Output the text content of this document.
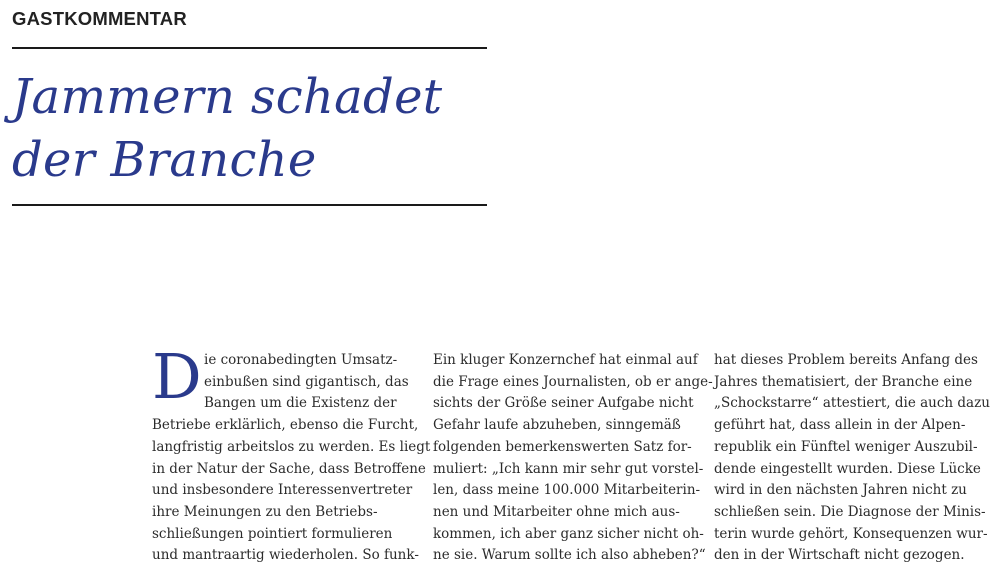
GASTKOMMENTAR
Jammern schadet
der Branche
D ie coronabedingten Umsatz-
einbußen sind gigantisch, das
Bangen um die Existenz der
Betriebe erklärlich, ebenso die Furcht,
langfristig arbeitslos zu werden. Es liegt
in der Natur der Sache, dass Betroffene
und insbesondere Interessenvertreter
ihre Meinungen zu den Betriebs-
schließungen pointiert formulieren
und mantraartig wiederholen. So funk-
Ein kluger Konzernchef hat einmal auf
die Frage eines Journalisten, ob er ange-
sichts der Größe seiner Aufgabe nicht
Gefahr laufe abzuheben, sinngemäß
folgenden bemerkenswerten Satz for-
muliert: „Ich kann mir sehr gut vorstel-
len, dass meine 100.000 Mitarbeiterin-
nen und Mitarbeiter ohne mich aus-
kommen, ich aber ganz sicher nicht oh-
ne sie. Warum sollte ich also abheben?“
hat dieses Problem bereits Anfang des
Jahres thematisiert, der Branche eine
„Schockstarre“ attestiert, die auch dazu
geführt hat, dass allein in der Alpen-
republik ein Fünftel weniger Auszubil-
dende eingestellt wurden. Diese Lücke
wird in den nächsten Jahren nicht zu
schließen sein. Die Diagnose der Minis-
terin wurde gehört, Konsequenzen wur-
den in der Wirtschaft nicht gezogen.
